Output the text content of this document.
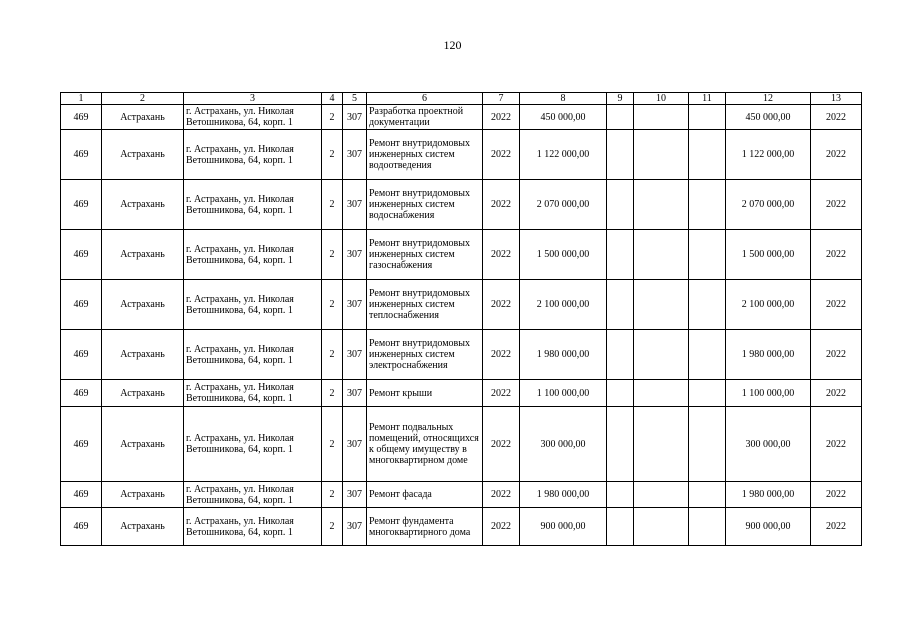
120
1	2	3	4	5	6	7	8	9	10	11	12	13
469	Астрахань	г. Астрахань, ул. Николая Ветошникова, 64, корп. 1	2	307	Разработка проектной документации	2022	450 000,00				450 000,00	2022
469	Астрахань	г. Астрахань, ул. Николая Ветошникова, 64, корп. 1	2	307	Ремонт внутридомовых инженерных систем водоотведения	2022	1 122 000,00				1 122 000,00	2022
469	Астрахань	г. Астрахань, ул. Николая Ветошникова, 64, корп. 1	2	307	Ремонт внутридомовых инженерных систем водоснабжения	2022	2 070 000,00				2 070 000,00	2022
469	Астрахань	г. Астрахань, ул. Николая Ветошникова, 64, корп. 1	2	307	Ремонт внутридомовых инженерных систем газоснабжения	2022	1 500 000,00				1 500 000,00	2022
469	Астрахань	г. Астрахань, ул. Николая Ветошникова, 64, корп. 1	2	307	Ремонт внутридомовых инженерных систем теплоснабжения	2022	2 100 000,00				2 100 000,00	2022
469	Астрахань	г. Астрахань, ул. Николая Ветошникова, 64, корп. 1	2	307	Ремонт внутридомовых инженерных систем электроснабжения	2022	1 980 000,00				1 980 000,00	2022
469	Астрахань	г. Астрахань, ул. Николая Ветошникова, 64, корп. 1	2	307	Ремонт крыши	2022	1 100 000,00				1 100 000,00	2022
469	Астрахань	г. Астрахань, ул. Николая Ветошникова, 64, корп. 1	2	307	Ремонт подвальных помещений, относящихся к общему имуществу в многоквартирном доме	2022	300 000,00				300 000,00	2022
469	Астрахань	г. Астрахань, ул. Николая Ветошникова, 64, корп. 1	2	307	Ремонт фасада	2022	1 980 000,00				1 980 000,00	2022
469	Астрахань	г. Астрахань, ул. Николая Ветошникова, 64, корп. 1	2	307	Ремонт фундамента многоквартирного дома	2022	900 000,00				900 000,00	2022
